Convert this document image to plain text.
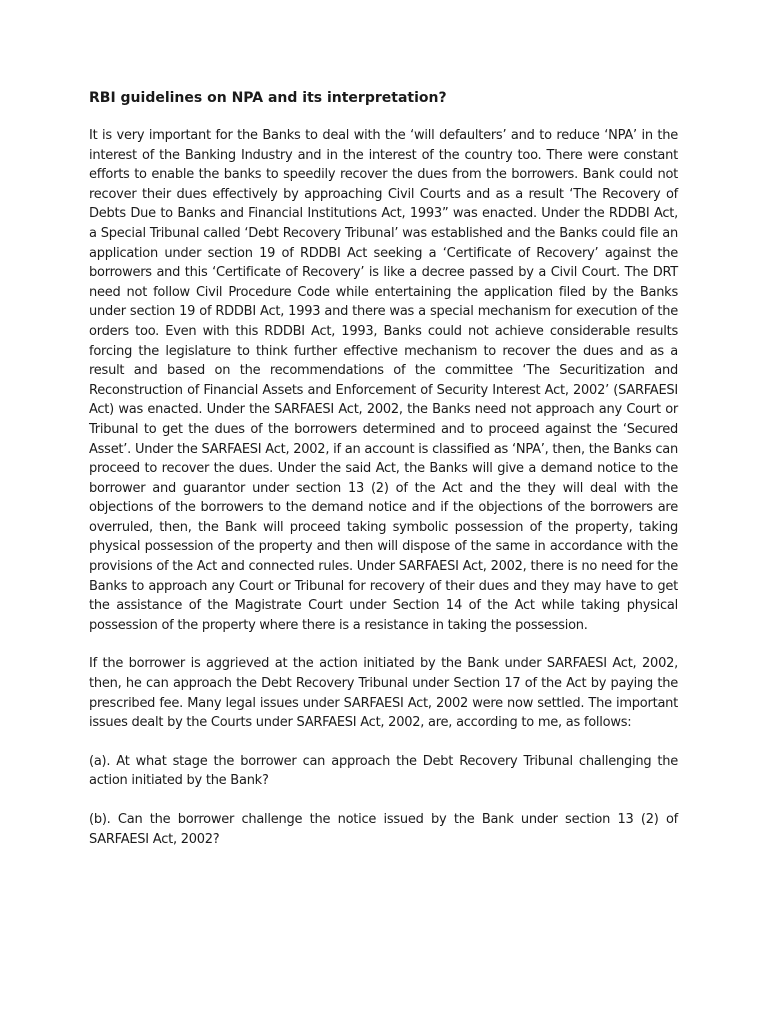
RBI guidelines on NPA and its interpretation?

It is very important for the Banks to deal with the ‘will defaulters’ and to reduce ‘NPA’ in the interest of the Banking Industry and in the interest of the country too. There were constant efforts to enable the banks to speedily recover the dues from the borrowers. Bank could not recover their dues effectively by approaching Civil Courts and as a result ‘The Recovery of Debts Due to Banks and Financial Institutions Act, 1993” was enacted. Under the RDDBI Act, a Special Tribunal called ‘Debt Recovery Tribunal’ was established and the Banks could file an application under section 19 of RDDBI Act seeking a ‘Certificate of Recovery’ against the borrowers and this ‘Certificate of Recovery’ is like a decree passed by a Civil Court. The DRT need not follow Civil Procedure Code while entertaining the application filed by the Banks under section 19 of RDDBI Act, 1993 and there was a special mechanism for execution of the orders too. Even with this RDDBI Act, 1993, Banks could not achieve considerable results forcing the legislature to think further effective mechanism to recover the dues and as a result and based on the recommendations of the committee ‘The Securitization and Reconstruction of Financial Assets and Enforcement of Security Interest Act, 2002’ (SARFAESI Act) was enacted. Under the SARFAESI Act, 2002, the Banks need not approach any Court or Tribunal to get the dues of the borrowers determined and to proceed against the ‘Secured Asset’. Under the SARFAESI Act, 2002, if an account is classified as ‘NPA’, then, the Banks can proceed to recover the dues. Under the said Act, the Banks will give a demand notice to the borrower and guarantor under section 13 (2) of the Act and the they will deal with the objections of the borrowers to the demand notice and if the objections of the borrowers are overruled, then, the Bank will proceed taking symbolic possession of the property, taking physical possession of the property and then will dispose of the same in accordance with the provisions of the Act and connected rules. Under SARFAESI Act, 2002, there is no need for the Banks to approach any Court or Tribunal for recovery of their dues and they may have to get the assistance of the Magistrate Court under Section 14 of the Act while taking physical possession of the property where there is a resistance in taking the possession.

If the borrower is aggrieved at the action initiated by the Bank under SARFAESI Act, 2002, then, he can approach the Debt Recovery Tribunal under Section 17 of the Act by paying the prescribed fee. Many legal issues under SARFAESI Act, 2002 were now settled. The important issues dealt by the Courts under SARFAESI Act, 2002, are, according to me, as follows:

(a). At what stage the borrower can approach the Debt Recovery Tribunal challenging the action initiated by the Bank?

(b). Can the borrower challenge the notice issued by the Bank under section 13 (2) of SARFAESI Act, 2002?
